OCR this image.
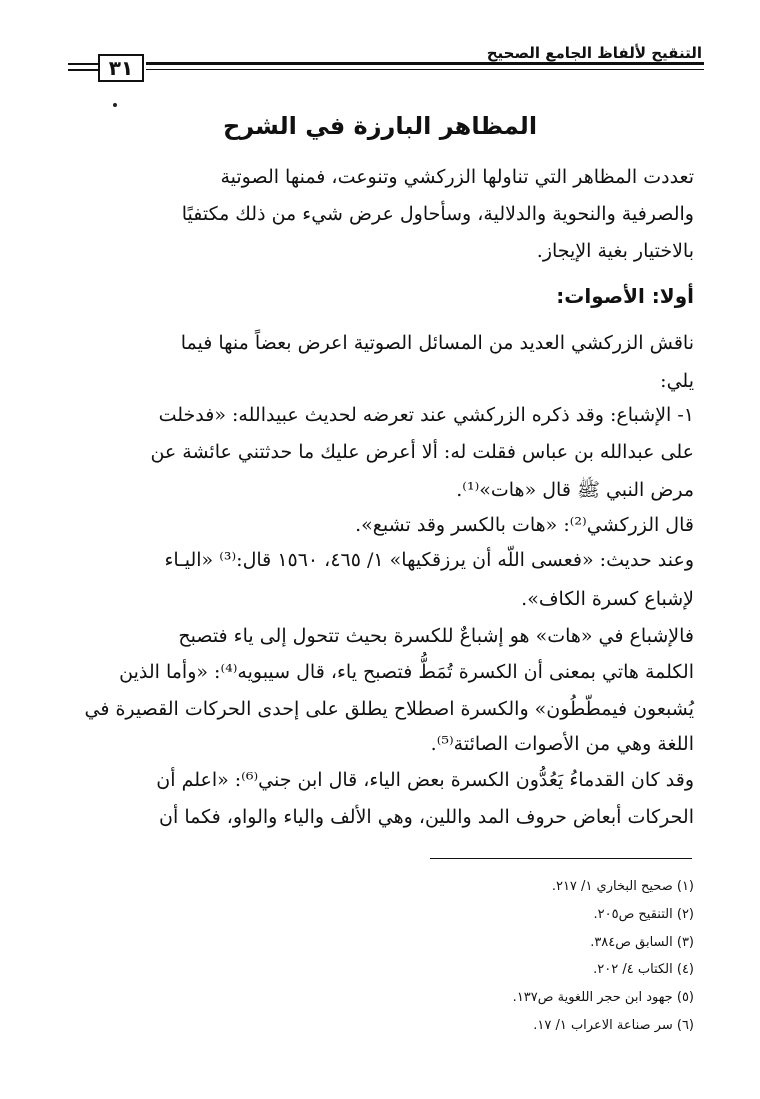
التنقيح لألفاظ الجامع الصحيح
٣١
المظاهر البارزة في الشرح
تعددت المظاهر التي تناولها الزركشي وتنوعت، فمنها الصوتية
والصرفية والنحوية والدلالية، وسأحاول عرض شيء من ذلك مكتفيًا
بالاختيار بغية الإيجاز.
أولا: الأصوات:
ناقش الزركشي العديد من المسائل الصوتية اعرض بعضاً منها فيما
يلي:
١- الإشباع: وقد ذكره الزركشي عند تعرضه لحديث عبيدالله: «فدخلت
على عبدالله بن عباس فقلت له: ألا أعرض عليك ما حدثتني عائشة عن
مرض النبي ﷺ قال «هات»⁽¹⁾.
قال الزركشي⁽²⁾: «هات بالكسر وقد تشبع».
وعند حديث: «فعسى اللّه أن يرزقكيها» ١/ ٤٦٥، ١٥٦٠ قال:⁽³⁾ «اليـاء
لإشباع كسرة الكاف».
فالإشباع في «هات» هو إشباعٌ للكسرة بحيث تتحول إلى ياء فتصبح
الكلمة هاتي بمعنى أن الكسرة تُمَطُّ فتصبح ياء، قال سيبويه⁽⁴⁾: «وأما الذين
يُشبعون فيمطّطُون» والكسرة اصطلاح يطلق على إحدى الحركات القصيرة في
اللغة وهي من الأصوات الصائتة⁽⁵⁾.
وقد كان القدماءُ يَعُدُّون الكسرة بعض الياء، قال ابن جني⁽⁶⁾: «اعلم أن
الحركات أبعاض حروف المد واللين، وهي الألف والياء والواو، فكما أن
(١) صحيح البخاري ١/ ٢١٧.
(٢) التنقيح ص٢٠٥.
(٣) السابق ص٣٨٤.
(٤) الكتاب ٤/ ٢٠٢.
(٥) جهود ابن حجر اللغوية ص١٣٧.
(٦) سر صناعة الاعراب ١/ ١٧.
